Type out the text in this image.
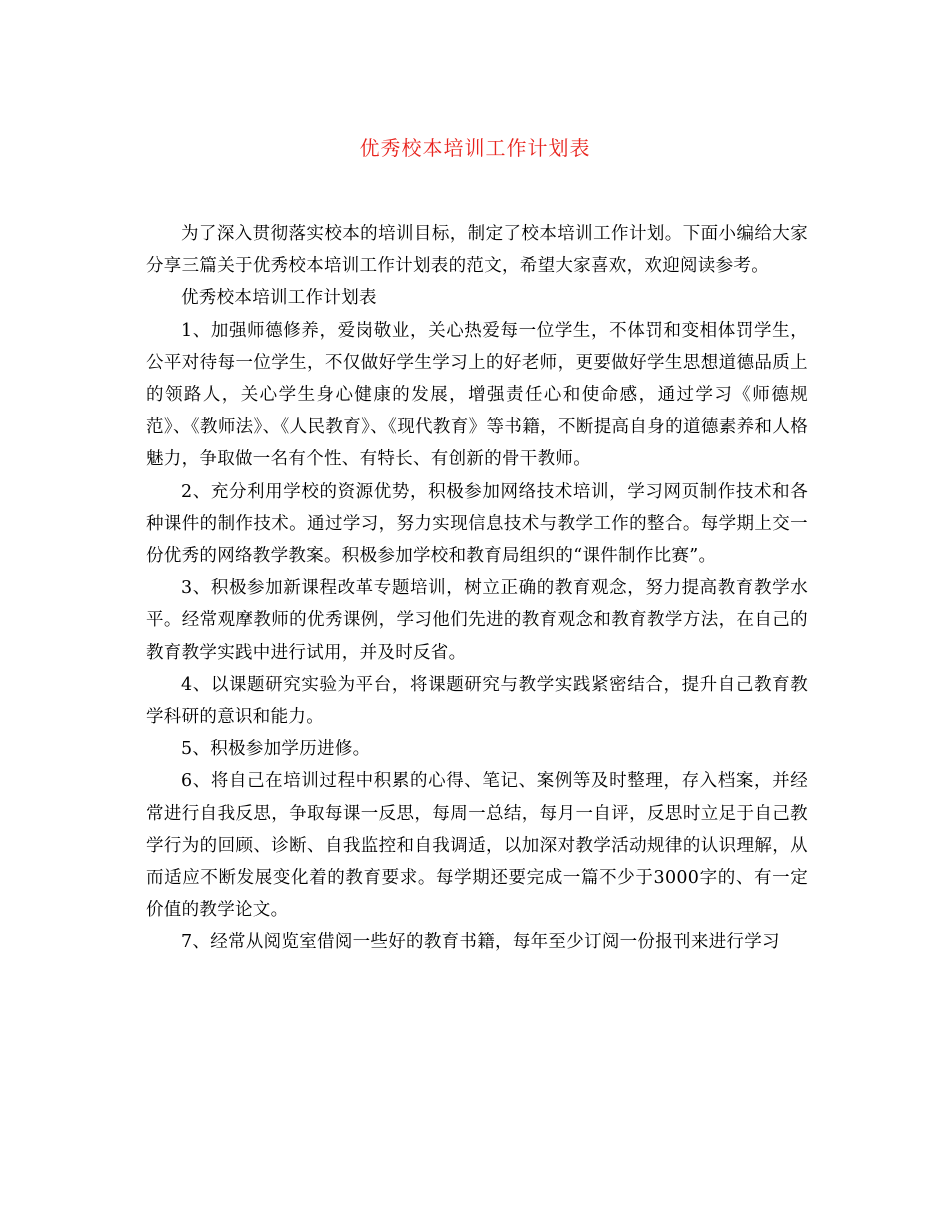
优秀校本培训工作计划表

为了深入贯彻落实校本的培训目标，制定了校本培训工作计划。下面小编给大家分享三篇关于优秀校本培训工作计划表的范文，希望大家喜欢，欢迎阅读参考。

优秀校本培训工作计划表

1、加强师德修养，爱岗敬业，关心热爱每一位学生，不体罚和变相体罚学生，公平对待每一位学生，不仅做好学生学习上的好老师，更要做好学生思想道德品质上的领路人，关心学生身心健康的发展，增强责任心和使命感，通过学习《师德规范》、《教师法》、《人民教育》、《现代教育》等书籍，不断提高自身的道德素养和人格魅力，争取做一名有个性、有特长、有创新的骨干教师。

2、充分利用学校的资源优势，积极参加网络技术培训，学习网页制作技术和各种课件的制作技术。通过学习，努力实现信息技术与教学工作的整合。每学期上交一份优秀的网络教学教案。积极参加学校和教育局组织的“课件制作比赛”。

3、积极参加新课程改革专题培训，树立正确的教育观念，努力提高教育教学水平。经常观摩教师的优秀课例，学习他们先进的教育观念和教育教学方法，在自己的教育教学实践中进行试用，并及时反省。

4、以课题研究实验为平台，将课题研究与教学实践紧密结合，提升自己教育教学科研的意识和能力。

5、积极参加学历进修。

6、将自己在培训过程中积累的心得、笔记、案例等及时整理，存入档案，并经常进行自我反思，争取每课一反思，每周一总结，每月一自评，反思时立足于自己教学行为的回顾、诊断、自我监控和自我调适，以加深对教学活动规律的认识理解，从而适应不断发展变化着的教育要求。每学期还要完成一篇不少于3000字的、有一定价值的教学论文。

7、经常从阅览室借阅一些好的教育书籍，每年至少订阅一份报刊来进行学习
